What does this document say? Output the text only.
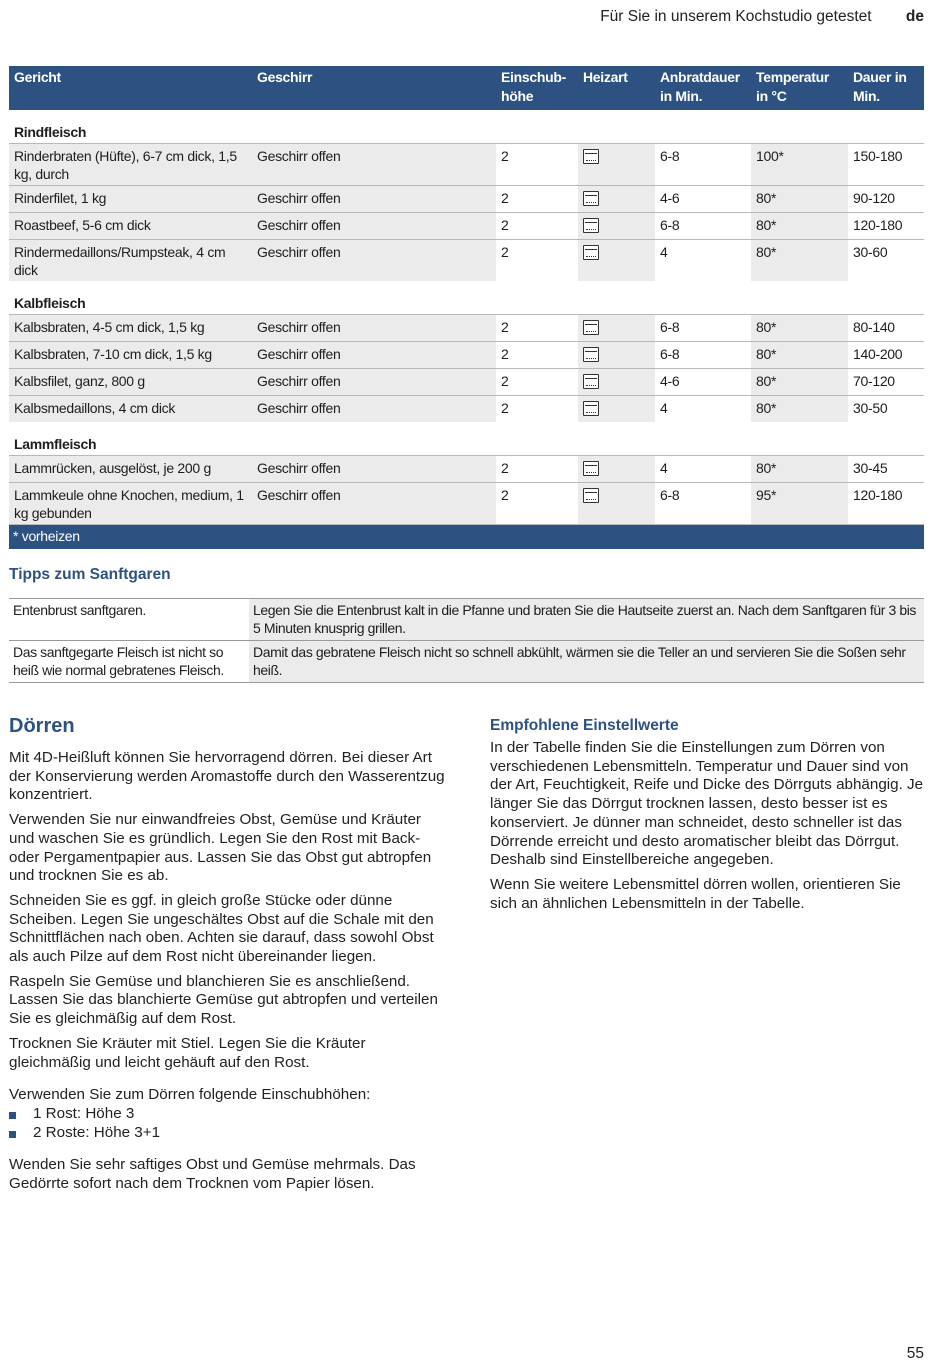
Für Sie in unserem Kochstudio getestet de
Gericht	Geschirr	Einschub-höhe	Heizart	Anbratdauer in Min.	Temperatur in °C	Dauer in Min.
Rindfleisch						
Rinderbraten (Hüfte), 6-7 cm dick, 1,5 kg, durch	Geschirr offen	2		6-8	100*	150-180
Rinderfilet, 1 kg	Geschirr offen	2		4-6	80*	90-120
Roastbeef, 5-6 cm dick	Geschirr offen	2		6-8	80*	120-180
Rindermedaillons/Rumpsteak, 4 cm dick	Geschirr offen	2		4	80*	30-60
Kalbfleisch						
Kalbsbraten, 4-5 cm dick, 1,5 kg	Geschirr offen	2		6-8	80*	80-140
Kalbsbraten, 7-10 cm dick, 1,5 kg	Geschirr offen	2		6-8	80*	140-200
Kalbsfilet, ganz, 800 g	Geschirr offen	2		4-6	80*	70-120
Kalbsmedaillons, 4 cm dick	Geschirr offen	2		4	80*	30-50
Lammfleisch						
Lammrücken, ausgelöst, je 200 g	Geschirr offen	2		4	80*	30-45
Lammkeule ohne Knochen, medium, 1 kg gebunden	Geschirr offen	2		6-8	95*	120-180
* vorheizen						
Tipps zum Sanftgaren
Entenbrust sanftgaren.	Legen Sie die Entenbrust kalt in die Pfanne und braten Sie die Hautseite zuerst an. Nach dem Sanftgaren für 3 bis 5 Minuten knusprig grillen.
Das sanftgegarte Fleisch ist nicht so heiß wie normal gebratenes Fleisch.	Damit das gebratene Fleisch nicht so schnell abkühlt, wärmen sie die Teller an und servieren Sie die Soßen sehr heiß.
Dörren

Mit 4D-Heißluft können Sie hervorragend dörren. Bei dieser Art der Konservierung werden Aromastoffe durch den Wasserentzug konzentriert.

Verwenden Sie nur einwandfreies Obst, Gemüse und Kräuter und waschen Sie es gründlich. Legen Sie den Rost mit Back- oder Pergamentpapier aus. Lassen Sie das Obst gut abtropfen und trocknen Sie es ab.

Schneiden Sie es ggf. in gleich große Stücke oder dünne Scheiben. Legen Sie ungeschältes Obst auf die Schale mit den Schnittflächen nach oben. Achten sie darauf, dass sowohl Obst als auch Pilze auf dem Rost nicht übereinander liegen.

Raspeln Sie Gemüse und blanchieren Sie es anschließend. Lassen Sie das blanchierte Gemüse gut abtropfen und verteilen Sie es gleichmäßig auf dem Rost.

Trocknen Sie Kräuter mit Stiel. Legen Sie die Kräuter gleichmäßig und leicht gehäuft auf den Rost.

Verwenden Sie zum Dörren folgende Einschubhöhen:

1 Rost: Höhe 3
2 Roste: Höhe 3+1

Wenden Sie sehr saftiges Obst und Gemüse mehrmals. Das Gedörrte sofort nach dem Trocknen vom Papier lösen.

Empfohlene Einstellwerte

In der Tabelle finden Sie die Einstellungen zum Dörren von verschiedenen Lebensmitteln. Temperatur und Dauer sind von der Art, Feuchtigkeit, Reife und Dicke des Dörrguts abhängig. Je länger Sie das Dörrgut trocknen lassen, desto besser ist es konserviert. Je dünner man schneidet, desto schneller ist das Dörrende erreicht und desto aromatischer bleibt das Dörrgut. Deshalb sind Einstellbereiche angegeben.

Wenn Sie weitere Lebensmittel dörren wollen, orientieren Sie sich an ähnlichen Lebensmitteln in der Tabelle.

55
